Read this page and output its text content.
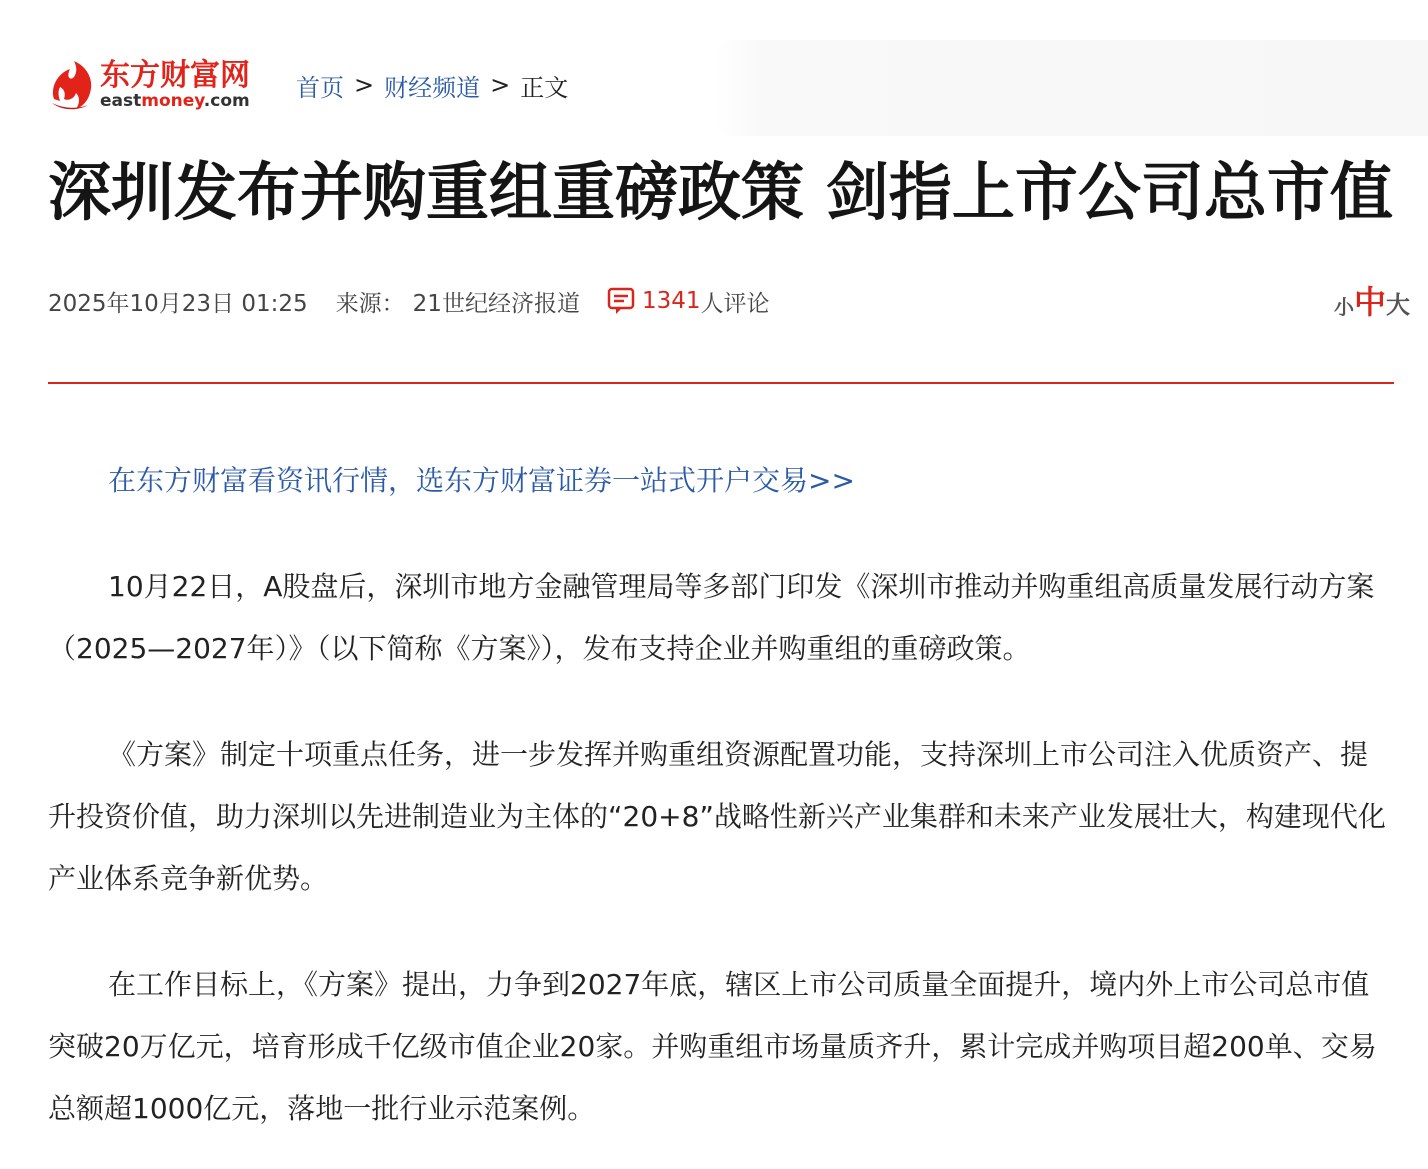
东方财富网
eastmoney.com 首页 > 财经频道 > 正文
深圳发布并购重组重磅政策 剑指上市公司总市值
2025年10月23日 01:25 来源： 21世纪经济报道	1341 人评论	小 中 大

在东方财富看资讯行情，选东方财富证券一站式开户交易>>

10月22日，A股盘后，深圳市地方金融管理局等多部门印发《深圳市推动并购重组高质量发展行动方案（2025—2027年）》（以下简称《方案》），发布支持企业并购重组的重磅政策。

《方案》制定十项重点任务，进一步发挥并购重组资源配置功能，支持深圳上市公司注入优质资产、提升投资价值，助力深圳以先进制造业为主体的“20+8”战略性新兴产业集群和未来产业发展壮大，构建现代化产业体系竞争新优势。

在工作目标上，《方案》提出，力争到2027年底，辖区上市公司质量全面提升，境内外上市公司总市值突破20万亿元，培育形成千亿级市值企业20家。并购重组市场量质齐升，累计完成并购项目超200单、交易总额超1000亿元，落地一批行业示范案例。
